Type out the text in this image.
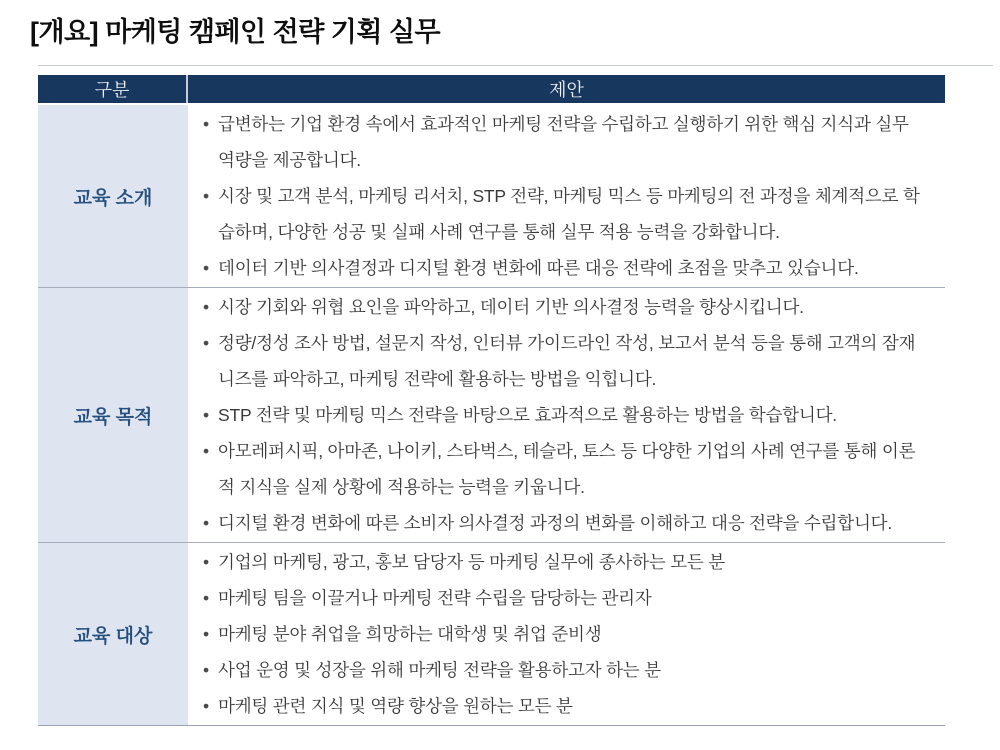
[개요] 마케팅 캠페인 전략 기획 실무
구분	제안
교육 소개
• 급변하는 기업 환경 속에서 효과적인 마케팅 전략을 수립하고 실행하기 위한 핵심 지식과 실무 역량을 제공합니다.
• 시장 및 고객 분석, 마케팅 리서치, STP 전략, 마케팅 믹스 등 마케팅의 전 과정을 체계적으로 학습하며, 다양한 성공 및 실패 사례 연구를 통해 실무 적용 능력을 강화합니다.
• 데이터 기반 의사결정과 디지털 환경 변화에 따른 대응 전략에 초점을 맞추고 있습니다.
교육 목적
• 시장 기회와 위협 요인을 파악하고, 데이터 기반 의사결정 능력을 향상시킵니다.
• 정량/정성 조사 방법, 설문지 작성, 인터뷰 가이드라인 작성, 보고서 분석 등을 통해 고객의 잠재 니즈를 파악하고, 마케팅 전략에 활용하는 방법을 익힙니다.
• STP 전략 및 마케팅 믹스 전략을 바탕으로 효과적으로 활용하는 방법을 학습합니다.
• 아모레퍼시픽, 아마존, 나이키, 스타벅스, 테슬라, 토스 등 다양한 기업의 사례 연구를 통해 이론적 지식을 실제 상황에 적용하는 능력을 키웁니다.
• 디지털 환경 변화에 따른 소비자 의사결정 과정의 변화를 이해하고 대응 전략을 수립합니다.
교육 대상
• 기업의 마케팅, 광고, 홍보 담당자 등 마케팅 실무에 종사하는 모든 분
• 마케팅 팀을 이끌거나 마케팅 전략 수립을 담당하는 관리자
• 마케팅 분야 취업을 희망하는 대학생 및 취업 준비생
• 사업 운영 및 성장을 위해 마케팅 전략을 활용하고자 하는 분
• 마케팅 관련 지식 및 역량 향상을 원하는 모든 분
